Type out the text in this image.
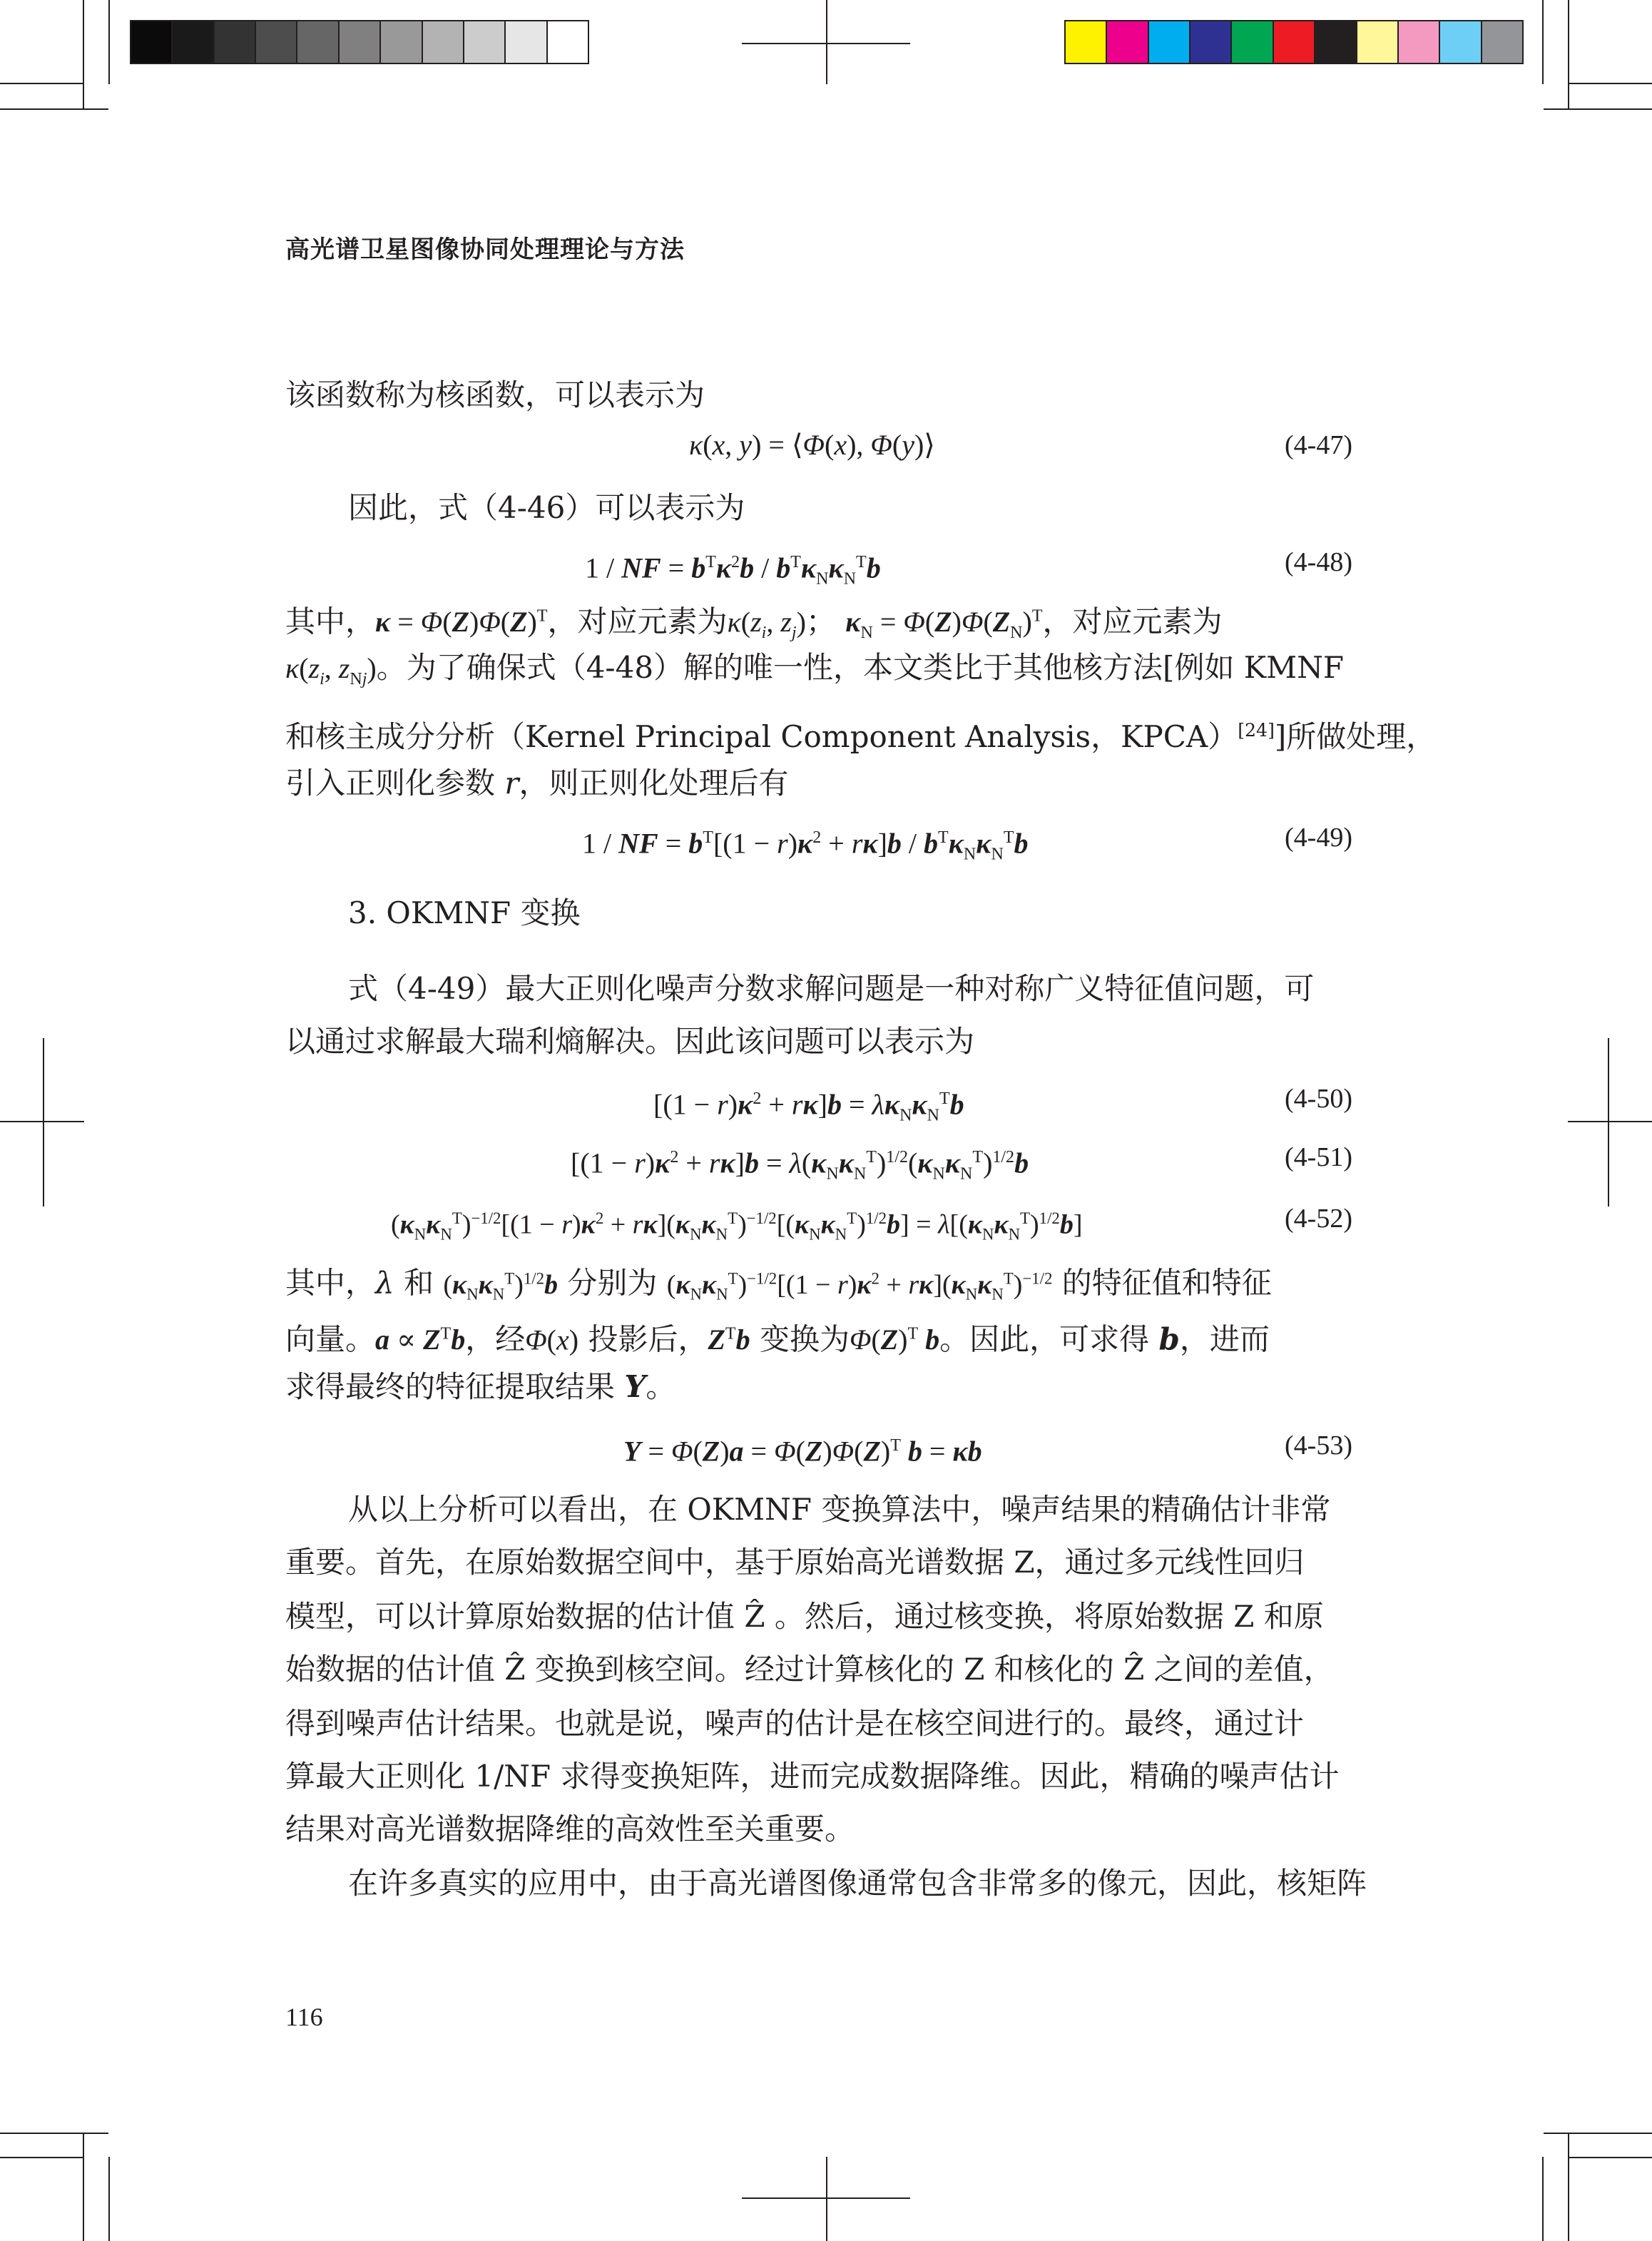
高光谱卫星图像协同处理理论与方法
该函数称为核函数，可以表示为
κ(x, y) = ⟨Φ(x), Φ(y)⟩	(4-47)
因此，式（4-46）可以表示为
1 / NF = $b^T\kappa^2b / b^T\kappa_N\kappa_N^Tb$	(4-48)
其中，$\kappa = \Phi(Z)\Phi(Z)^T$，对应元素为$\kappa(z_i$, $z_j$)； $\kappa_N = \Phi(Z)\Phi(Z_N)^T$，对应元素为
$\kappa(z_i$, $z_{Nj}$)。为了确保式（4-48）解的唯一性，本文类比于其他核方法[例如 KMNF
和核主成分分析（Kernel Principal Component Analysis，KPCA）[24]]所做处理，
引入正则化参数 r，则正则化处理后有
1 / NF = $b^T[(1 - r)\kappa^2 + r\kappa]b / b^T\kappa_N\kappa_N^Tb$	(4-49)
3. OKMNF 变换
式（4-49）最大正则化噪声分数求解问题是一种对称广义特征值问题，可
以通过求解最大瑞利熵解决。因此该问题可以表示为
$[(1 - r)\kappa^2 + r\kappa]b = \lambda\kappa_N\kappa_N^Tb$	(4-50)
$[(1 - r)\kappa^2 + r\kappa]b = \lambda(\kappa_N\kappa_N^T)^{1/2}(\kappa_N\kappa_N^T)^{1/2}b$	(4-51)
$(\kappa_N\kappa_N^T)^{-1/2}[(1 - r)\kappa^2 + r\kappa](\kappa_N\kappa_N^T)^{-1/2}[(\kappa_N\kappa_N^T)^{1/2}b] = \lambda[(\kappa_N\kappa_N^T)^{1/2}b]$	(4-52)
其中，λ 和 $(\kappa_N\kappa_N^T)^{1/2}b$ 分别为 $(\kappa_N\kappa_N^T)^{-1/2}[(1 - r)\kappa^2 + r\kappa](\kappa_N\kappa_N^T)^{-1/2}$ 的特征值和特征
向量。$a \propto Z^Tb$，经Φ(x) 投影后，$Z^Tb$ 变换为$\Phi(Z)^T$ b。因此，可求得 b，进而
求得最终的特征提取结果 Y。
$Y = \Phi(Z)a = \Phi(Z)\Phi(Z)^T$ b = κb	(4-53)
从以上分析可以看出，在 OKMNF 变换算法中，噪声结果的精确估计非常
重要。首先，在原始数据空间中，基于原始高光谱数据 Z，通过多元线性回归
模型，可以计算原始数据的估计值 Ẑ 。然后，通过核变换，将原始数据 Z 和原
始数据的估计值 Ẑ 变换到核空间。经过计算核化的 Z 和核化的 Ẑ 之间的差值，
得到噪声估计结果。也就是说，噪声的估计是在核空间进行的。最终，通过计
算最大正则化 1/NF 求得变换矩阵，进而完成数据降维。因此，精确的噪声估计
结果对高光谱数据降维的高效性至关重要。
在许多真实的应用中，由于高光谱图像通常包含非常多的像元，因此，核矩阵
116
